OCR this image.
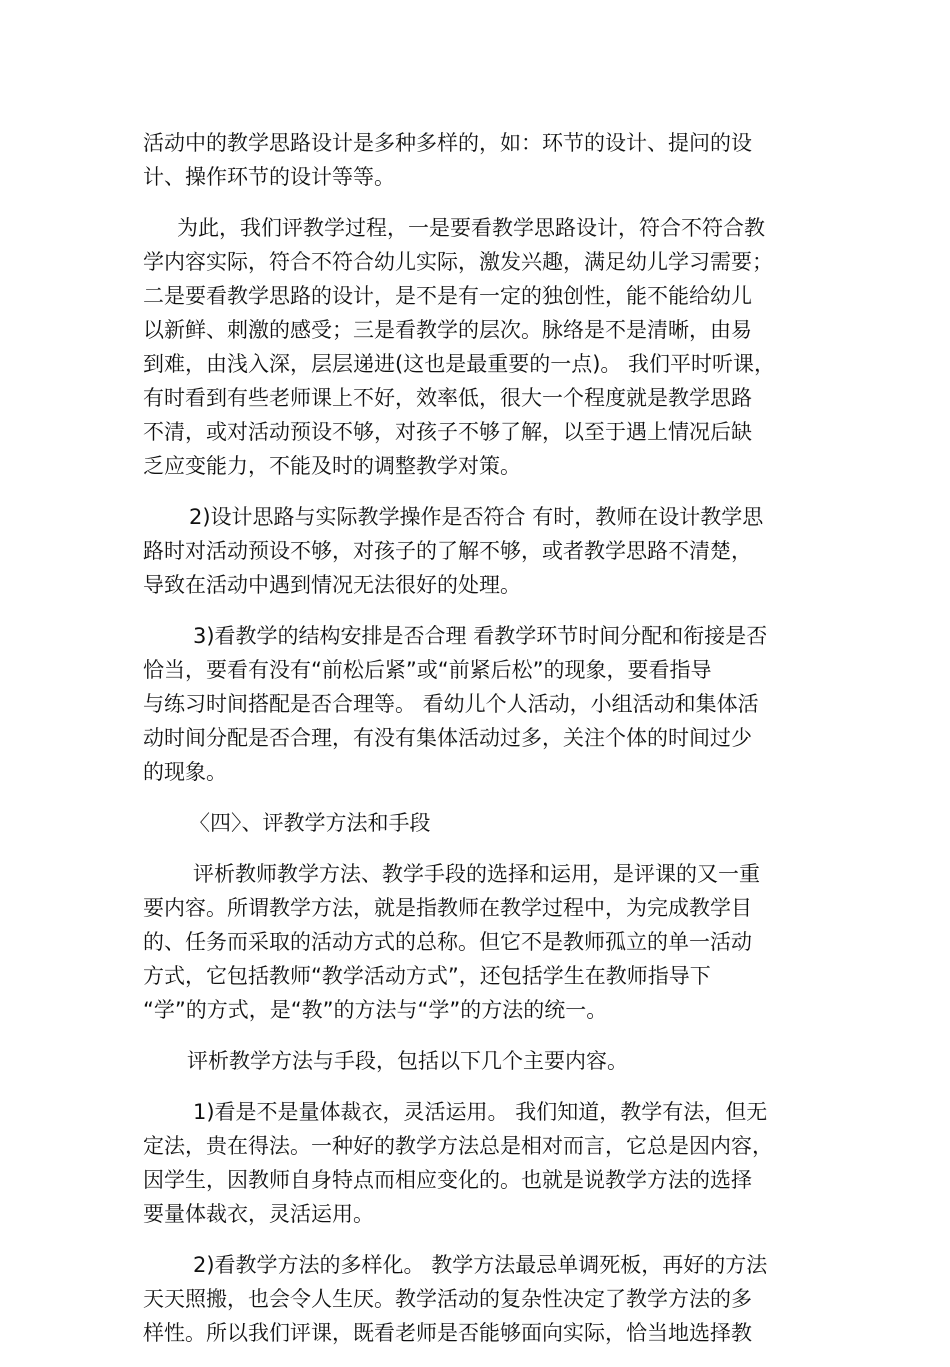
活动中的教学思路设计是多种多样的，如：环节的设计、提问的设
计、操作环节的设计等等。
为此，我们评教学过程，一是要看教学思路设计，符合不符合教
学内容实际，符合不符合幼儿实际，激发兴趣，满足幼儿学习需要；
二是要看教学思路的设计，是不是有一定的独创性，能不能给幼儿
以新鲜、刺激的感受；三是看教学的层次。脉络是不是清晰，由易
到难，由浅入深，层层递进(这也是最重要的一点)。 我们平时听课，
有时看到有些老师课上不好，效率低，很大一个程度就是教学思路
不清，或对活动预设不够，对孩子不够了解，以至于遇上情况后缺
乏应变能力，不能及时的调整教学对策。
2)设计思路与实际教学操作是否符合 有时，教师在设计教学思
路时对活动预设不够，对孩子的了解不够，或者教学思路不清楚，
导致在活动中遇到情况无法很好的处理。
3)看教学的结构安排是否合理 看教学环节时间分配和衔接是否
恰当，要看有没有“前松后紧”或“前紧后松”的现象，要看指导
与练习时间搭配是否合理等。 看幼儿个人活动，小组活动和集体活
动时间分配是否合理，有没有集体活动过多，关注个体的时间过少
的现象。
〈四〉、评教学方法和手段
评析教师教学方法、教学手段的选择和运用，是评课的又一重
要内容。所谓教学方法，就是指教师在教学过程中，为完成教学目
的、任务而采取的活动方式的总称。但它不是教师孤立的单一活动
方式，它包括教师“教学活动方式”，还包括学生在教师指导下
“学”的方式，是“教”的方法与“学”的方法的统一。
评析教学方法与手段，包括以下几个主要内容。
1)看是不是量体裁衣，灵活运用。 我们知道，教学有法，但无
定法，贵在得法。一种好的教学方法总是相对而言，它总是因内容，
因学生，因教师自身特点而相应变化的。也就是说教学方法的选择
要量体裁衣，灵活运用。
2)看教学方法的多样化。 教学方法最忌单调死板，再好的方法
天天照搬，也会令人生厌。教学活动的复杂性决定了教学方法的多
样性。所以我们评课，既看老师是否能够面向实际，恰当地选择教
